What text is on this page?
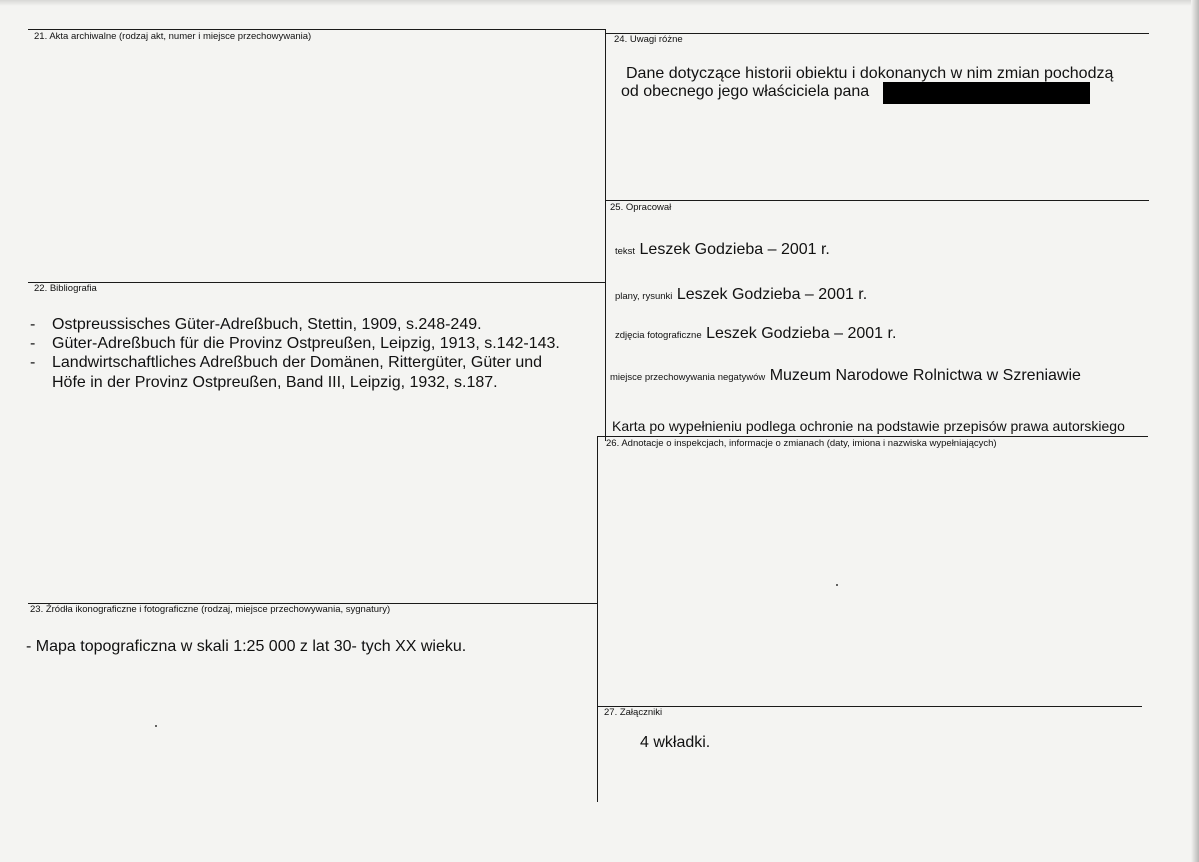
21. Akta archiwalne (rodzaj akt, numer i miejsce przechowywania)
22. Bibliografia
- Ostpreussisches Güter-Adreßbuch, Stettin, 1909, s.248-249.
- Güter-Adreßbuch für die Provinz Ostpreußen, Leipzig, 1913, s.142-143.
- Landwirtschaftliches Adreßbuch der Domänen, Rittergüter, Güter und
Höfe in der Provinz Ostpreußen, Band III, Leipzig, 1932, s.187.
23. Źródła ikonograficzne i fotograficzne (rodzaj, miejsce przechowywania, sygnatury)
- Mapa topograficzna w skali 1:25 000 z lat 30- tych XX wieku.
24. Uwagi różne
Dane dotyczące historii obiektu i dokonanych w nim zmian pochodzą
od obecnego jego właściciela pana
25. Opracował
tekst Leszek Godzieba – 2001 r.
plany, rysunki Leszek Godzieba – 2001 r.
zdjęcia fotograficzne Leszek Godzieba – 2001 r.
miejsce przechowywania negatywów Muzeum Narodowe Rolnictwa w Szreniawie
Karta po wypełnieniu podlega ochronie na podstawie przepisów prawa autorskiego
26. Adnotacje o inspekcjach, informacje o zmianach (daty, imiona i nazwiska wypełniających)
27. Załączniki
4 wkładki.
